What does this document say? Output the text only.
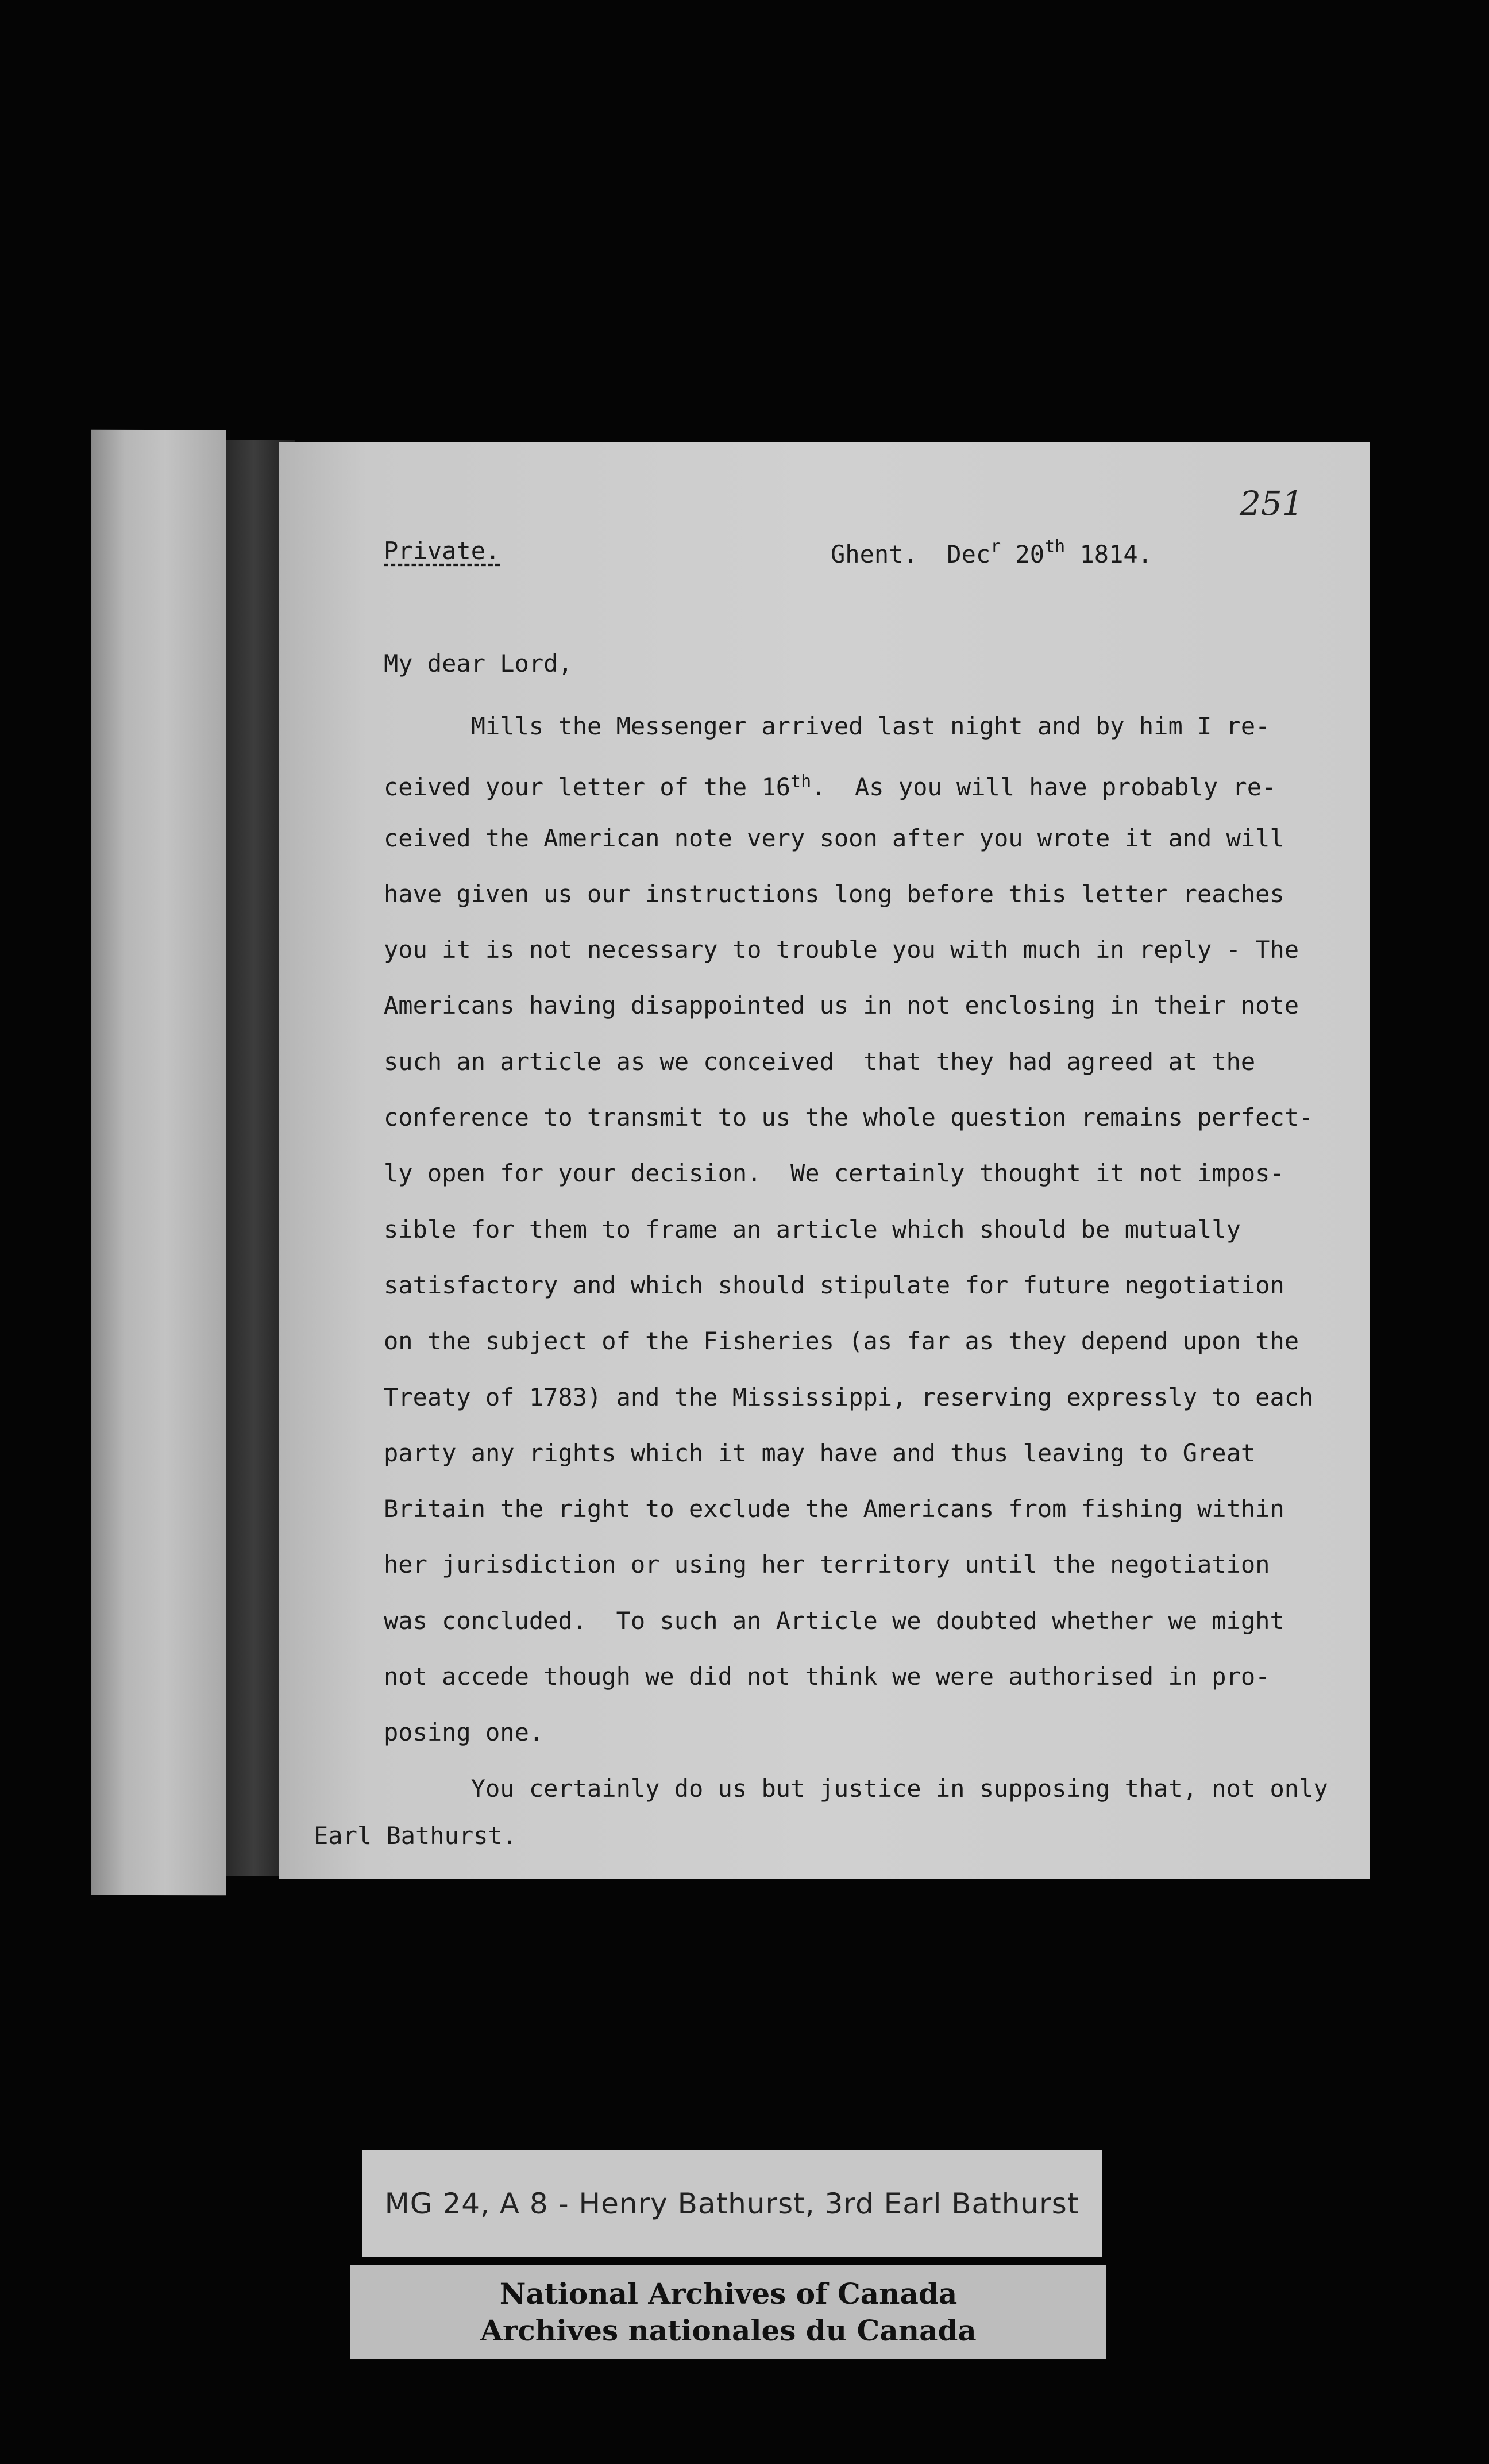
251
Private.	Ghent. Dec$^r$ 20th 1814.
My dear Lord,
Mills the Messenger arrived last night and by him I re-
ceived your letter of the 16th.  As you will have probably re-
ceived the American note very soon after you wrote it and will
have given us our instructions long before this letter reaches
you it is not necessary to trouble you with much in reply - The
Americans having disappointed us in not enclosing in their note
such an article as we conceived  that they had agreed at the
conference to transmit to us the whole question remains perfect-
ly open for your decision.  We certainly thought it not impos-
sible for them to frame an article which should be mutually
satisfactory and which should stipulate for future negotiation
on the subject of the Fisheries (as far as they depend upon the
Treaty of 1783) and the Mississippi, reserving expressly to each
party any rights which it may have and thus leaving to Great
Britain the right to exclude the Americans from fishing within
her jurisdiction or using her territory until the negotiation
was concluded.  To such an Article we doubted whether we might
not accede though we did not think we were authorised in pro-
posing one.
You certainly do us but justice in supposing that, not only
Earl Bathurst.
MG 24, A 8 - Henry Bathurst, 3rd Earl Bathurst
National Archives of Canada
Archives nationales du Canada
